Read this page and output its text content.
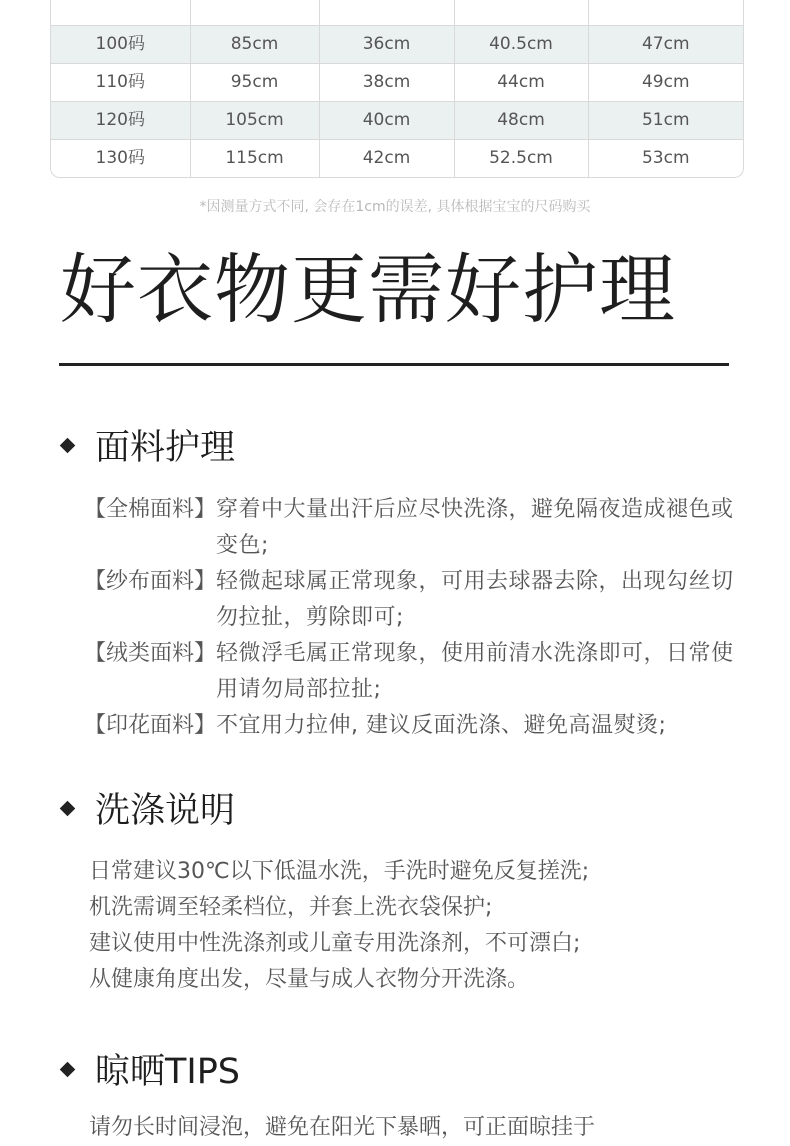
100码	85cm	36cm	40.5cm	47cm
110码	95cm	38cm	44cm	49cm
120码	105cm	40cm	48cm	51cm
130码	115cm	42cm	52.5cm	53cm
*因测量方式不同, 会存在1cm的误差, 具体根据宝宝的尺码购买
好衣物更需好护理
面料护理
【全棉面料】 穿着中大量出汗后应尽快洗涤，避免隔夜造成褪色或变色;
【纱布面料】 轻微起球属正常现象，可用去球器去除，出现勾丝切勿拉扯，剪除即可;
【绒类面料】 轻微浮毛属正常现象，使用前清水洗涤即可，日常使用请勿局部拉扯;
【印花面料】 不宜用力拉伸, 建议反面洗涤、避免高温熨烫;
洗涤说明
日常建议30℃以下低温水洗，手洗时避免反复搓洗;
机洗需调至轻柔档位，并套上洗衣袋保护;
建议使用中性洗涤剂或儿童专用洗涤剂，不可漂白;
从健康角度出发，尽量与成人衣物分开洗涤。
晾晒TIPS
请勿长时间浸泡，避免在阳光下暴晒，可正面晾挂于
